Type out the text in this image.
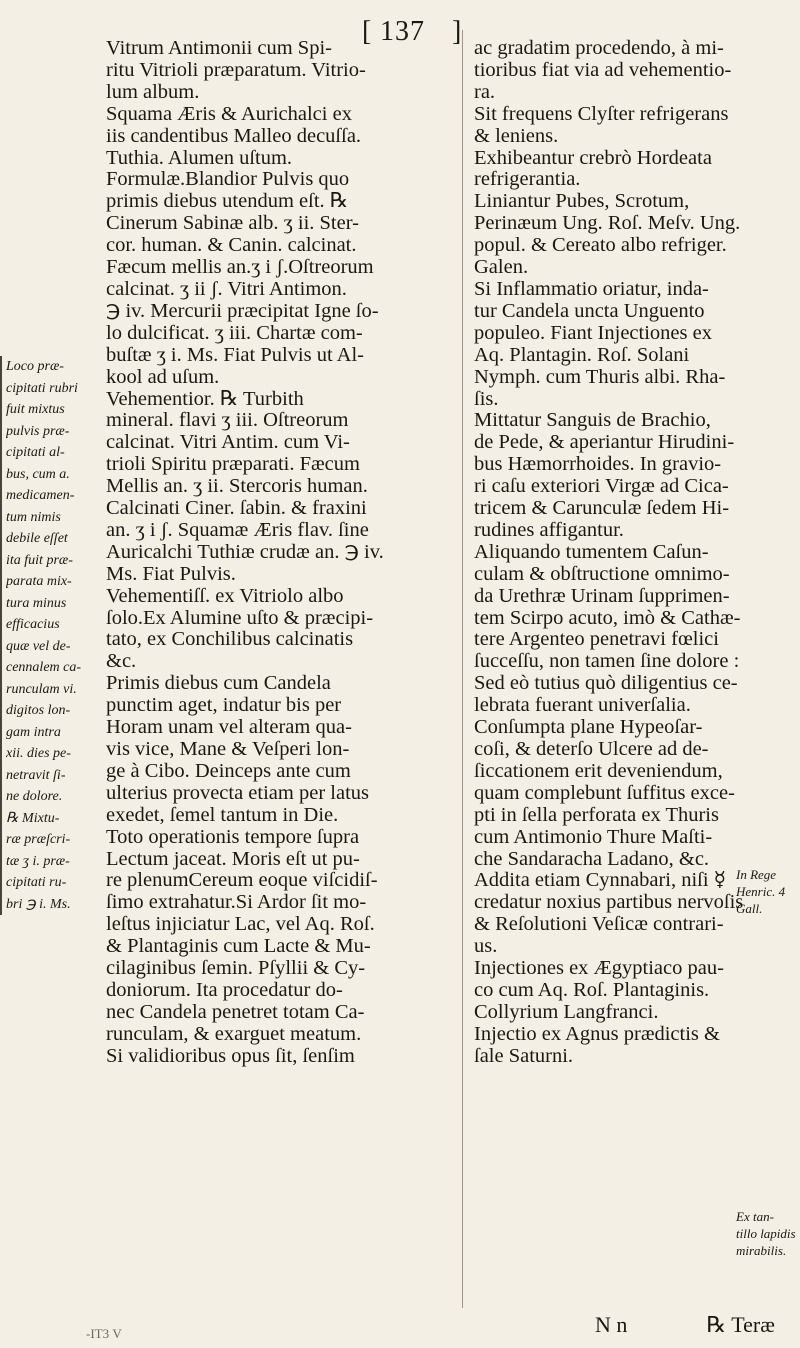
[ 137 ]
Vitrum Antimonii cum Spi-
ritu Vitrioli præparatum. Vitrio-
lum album.
Squama Æris & Aurichalci ex
iis candentibus Malleo decuſſa.
Tuthia. Alumen uſtum.
Formulæ.Blandior Pulvis quo
primis diebus utendum eſt. ℞
Cinerum Sabinæ alb. ʒ ii. Ster-
cor. human. & Canin. calcinat.
Fæcum mellis an.ʒ i ʃ.Oſtreorum
calcinat. ʒ ii ʃ. Vitri Antimon.
℈ iv. Mercurii præcipitat Igne ſo-
lo dulcificat. ʒ iii. Chartæ com-
buſtæ ʒ i. Ms. Fiat Pulvis ut Al-
kool ad uſum.
Vehementior. ℞ Turbith
mineral. flavi ʒ iii. Oſtreorum
calcinat. Vitri Antim. cum Vi-
trioli Spiritu præparati. Fæcum
Mellis an. ʒ ii. Stercoris human.
Calcinati Ciner. ſabin. & fraxini
an. ʒ i ʃ. Squamæ Æris flav. ſine
Auricalchi Tuthiæ crudæ an. ℈ iv.
Ms. Fiat Pulvis.
Vehementiſſ. ex Vitriolo albo
ſolo.Ex Alumine uſto & præcipi-
tato, ex Conchilibus calcinatis
&c.
Primis diebus cum Candela
punctim aget, indatur bis per
Horam unam vel alteram qua-
vis vice, Mane & Veſperi lon-
ge à Cibo. Deinceps ante cum
ulterius provecta etiam per latus
exedet, ſemel tantum in Die.
Toto operationis tempore ſupra
Lectum jaceat. Moris eſt ut pu-
re plenumCereum eoque viſcidiſ-
ſimo extrahatur.Si Ardor ſit mo-
leſtus injiciatur Lac, vel Aq. Roſ.
& Plantaginis cum Lacte & Mu-
cilaginibus ſemin. Pſyllii & Cy-
doniorum. Ita procedatur do-
nec Candela penetret totam Ca-
runculam, & exarguet meatum.
Si validioribus opus ſit, ſenſim
Loco præ-
cipitati rubri
fuit mixtus
pulvis præ-
cipitati al-
bus, cum a.
medicamen-
tum nimis
debile eſſet
ita fuit præ-
parata mix-
tura minus
efficacius
quæ vel de-
cennalem ca-
runculam vi.
digitos lon-
gam intra
xii. dies pe-
netravit ſi-
ne dolore.
℞ Mixtu-
ræ præſcri-
tæ ʒ i. præ-
cipitati ru-
bri ℈ i. Ms.
ac gradatim procedendo, à mi-
tioribus fiat via ad vehementio-
ra.
Sit frequens Clyſter refrigerans
& leniens.
Exhibeantur crebrò Hordeata
refrigerantia.
Liniantur Pubes, Scrotum,
Perinæum Ung. Roſ. Meſv. Ung.
popul. & Cereato albo refriger.
Galen.
Si Inflammatio oriatur, inda-
tur Candela uncta Unguento
populeo. Fiant Injectiones ex
Aq. Plantagin. Roſ. Solani
Nymph. cum Thuris albi. Rha-
ſis.
Mittatur Sanguis de Brachio,
de Pede, & aperiantur Hirudini-
bus Hæmorrhoides. In gravio-
ri caſu exteriori Virgæ ad Cica-
tricem & Carunculæ ſedem Hi-
rudines affigantur.
Aliquando tumentem Caſun-
culam & obſtructione omnimo-
da Urethræ Urinam ſupprimen-
tem Scirpo acuto, imò & Cathæ-
tere Argenteo penetravi fœlici
ſucceſſu, non tamen ſine dolore :
Sed eò tutius quò diligentius ce-
lebrata fuerant univerſalia.
Conſumpta plane Hypeoſar-
coſi, & deterſo Ulcere ad de-
ſiccationem erit deveniendum,
quam complebunt ſuffitus exce-
pti in ſella perforata ex Thuris
cum Antimonio Thure Maſti-
che Sandaracha Ladano, &c.
Addita etiam Cynnabari, niſi ☿
credatur noxius partibus nervoſis
& Reſolutioni Veſicæ contrari-
us.
Injectiones ex Ægyptiaco pau-
co cum Aq. Roſ. Plantaginis.
Collyrium Langfranci.
Injectio ex Agnus prædictis &
ſale Saturni.
In Rege
Henric. 4
Gall.
Ex tan-
tillo lapidis
mirabilis.
N n	℞ Teræ
-ΙΤ3 V
